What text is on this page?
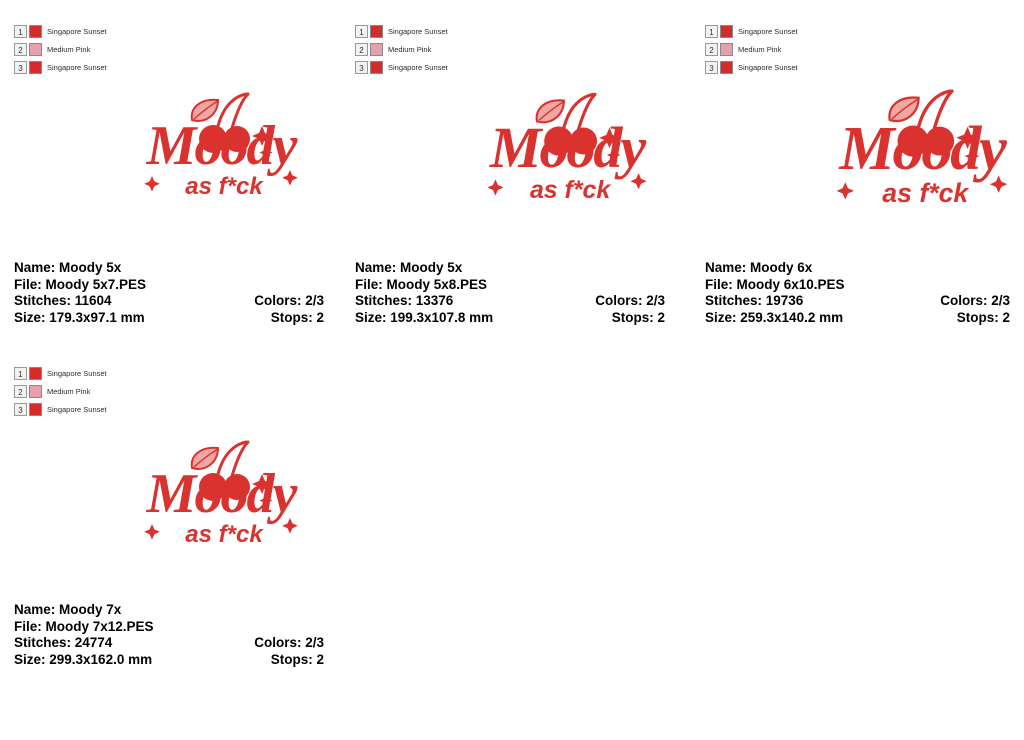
1	Singapore Sunset
2	Medium Pink
3	Singapore Sunset
Moody
as f*ck
Name: Moody 5x
File: Moody 5x7.PES
Stitches: 11604	Colors: 2/3
Size: 179.3x97.1 mm	Stops: 2
1	Singapore Sunset
2	Medium Pink
3	Singapore Sunset
Moody
as f*ck
Name: Moody 5x
File: Moody 5x8.PES
Stitches: 13376	Colors: 2/3
Size: 199.3x107.8 mm	Stops: 2
1	Singapore Sunset
2	Medium Pink
3	Singapore Sunset
Moody
as f*ck
Name: Moody 6x
File: Moody 6x10.PES
Stitches: 19736	Colors: 2/3
Size: 259.3x140.2 mm	Stops: 2
1	Singapore Sunset
2	Medium Pink
3	Singapore Sunset
Moody
as f*ck
Name: Moody 7x
File: Moody 7x12.PES
Stitches: 24774	Colors: 2/3
Size: 299.3x162.0 mm	Stops: 2
